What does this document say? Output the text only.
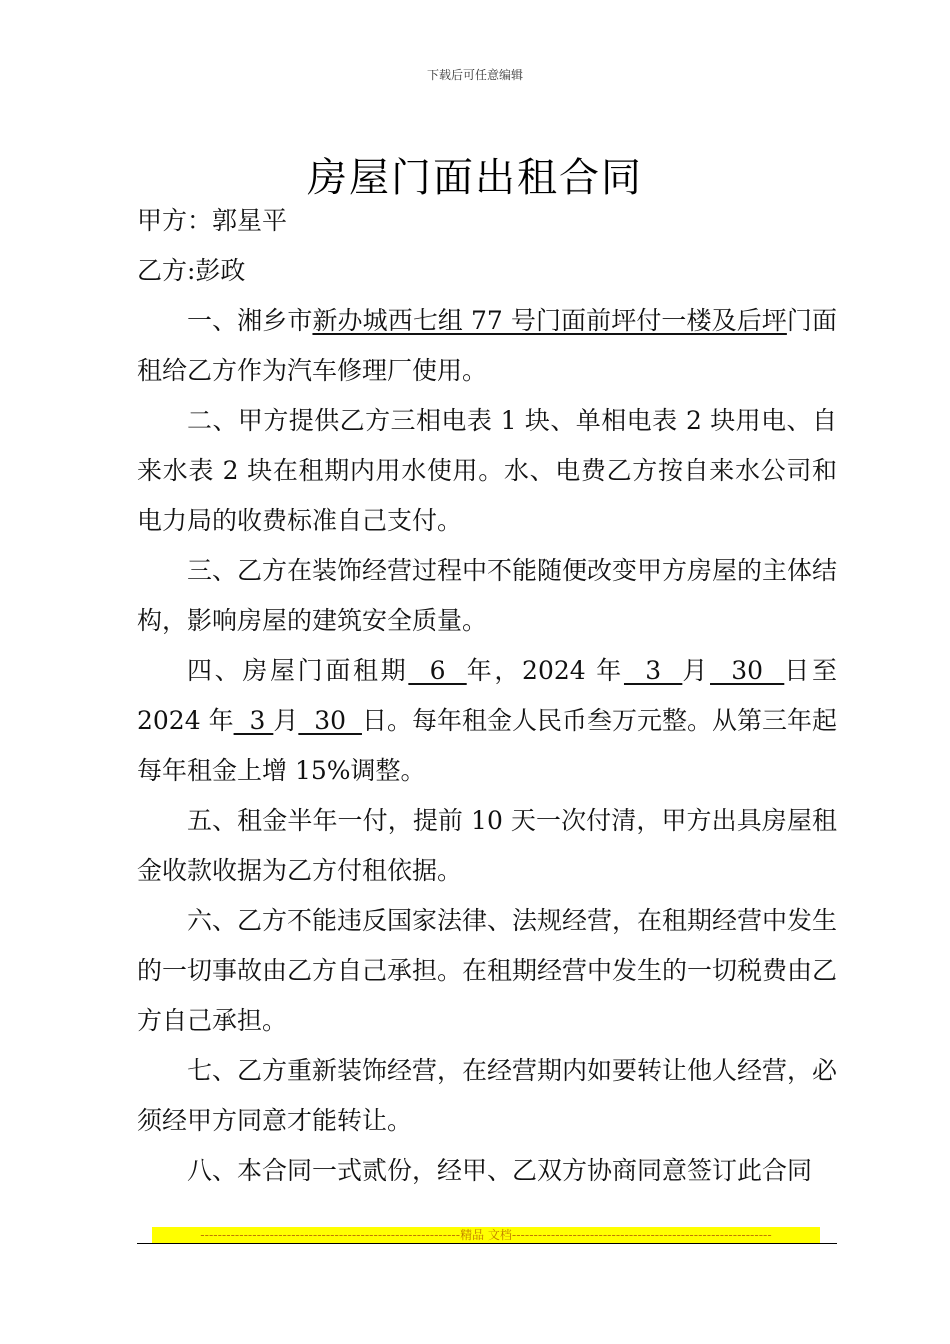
下载后可任意编辑
房屋门面出租合同

甲方：郭星平

乙方:彭政

一、湘乡市新办城西七组 77 号门面前坪付一楼及后坪门面租给乙方作为汽车修理厂使用。

二、甲方提供乙方三相电表 1 块、单相电表 2 块用电、自来水表 2 块在租期内用水使用。水、电费乙方按自来水公司和电力局的收费标准自己支付。

三、乙方在装饰经营过程中不能随便改变甲方房屋的主体结构，影响房屋的建筑安全质量。

四、房屋门面租期  6  年，2024 年  3  月  30  日至 2024 年  3 月  30  日。每年租金人民币叁万元整。从第三年起每年租金上增 15%调整。

五、租金半年一付，提前 10 天一次付清，甲方出具房屋租金收款收据为乙方付租依据。

六、乙方不能违反国家法律、法规经营，在租期经营中发生的一切事故由乙方自己承担。在租期经营中发生的一切税费由乙方自己承担。

七、乙方重新装饰经营，在经营期内如要转让他人经营，必须经甲方同意才能转让。

八、本合同一式贰份，经甲、乙双方协商同意签订此合同

------------------------------------------------------------精品 文档------------------------------------------------------------
